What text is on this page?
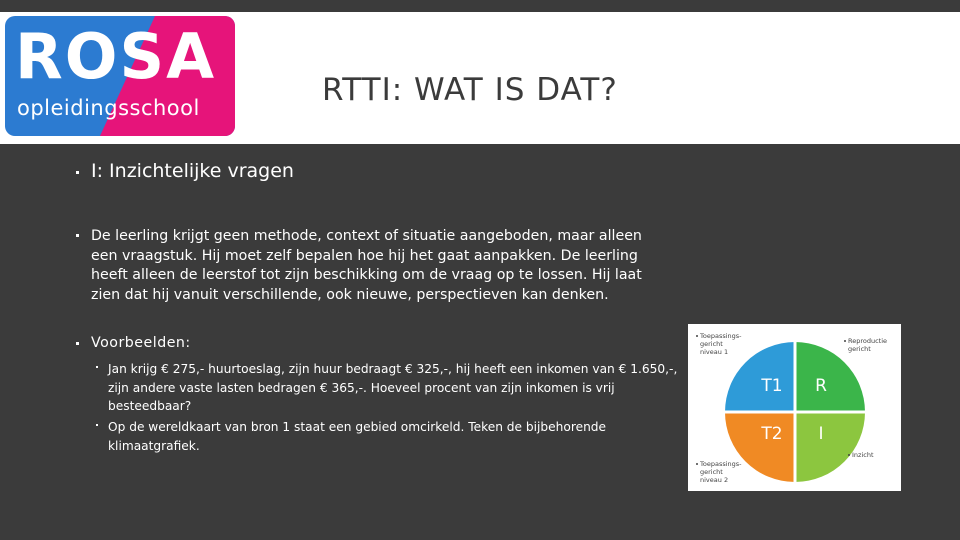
ROSA
opleidingsschool	RTTI: WAT IS DAT?
I: Inzichtelijke vragen
De leerling krijgt geen methode, context of situatie aangeboden, maar alleen een vraagstuk. Hij moet zelf bepalen hoe hij het gaat aanpakken. De leerling heeft alleen de leerstof tot zijn beschikking om de vraag op te lossen. Hij laat zien dat hij vanuit verschillende, ook nieuwe, perspectieven kan denken.
Voorbeelden:
Jan krijg € 275,- huurtoeslag, zijn huur bedraagt € 325,-, hij heeft een inkomen van € 1.650,-, zijn andere vaste lasten bedragen € 365,-. Hoeveel procent van zijn inkomen is vrij besteedbaar?
Op de wereldkaart van bron 1 staat een gebied omcirkeld. Teken de bijbehorende klimaatgrafiek.
T1 R
T2 I
Toepassings-
gericht
niveau 1
Reproductie
gericht
Toepassings-
gericht
niveau 2
Inzicht
